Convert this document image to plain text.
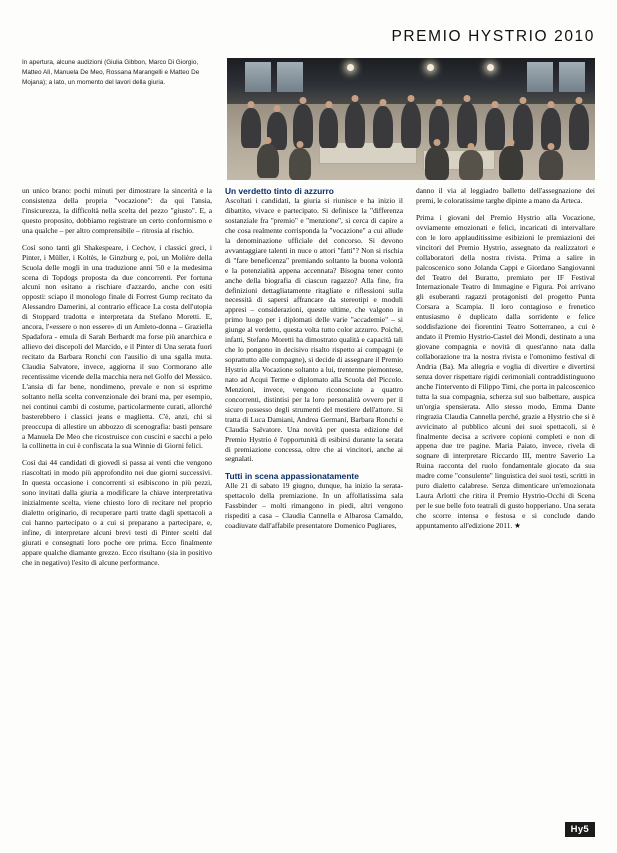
PREMIO HYSTRIO 2010
In apertura, alcune audizioni (Giulia Gibbon, Marco Di Giorgio, Matteo Alì, Manuela De Meo, Rossana Marangelli e Matteo De Mojana); a lato, un momento del lavori della giuria.

un unico brano: pochi minuti per dimostrare la sincerità e la consistenza della propria "vocazione": da qui l'ansia, l'insicurezza, la difficoltà nella scelta del pezzo "giusto". E, a questo proposito, dobbiamo registrare un certo conformismo e una qualche – per altro comprensibile – ritrosia al rischio.

Così sono tanti gli Shakespeare, i Cechov, i classici greci, i Pinter, i Müller, i Koltès, le Ginzburg e, poi, un Molière della Scuola delle mogli in una traduzione anni '50 e la medesima scena di Topdogs proposta da due concorrenti. Per fortuna alcuni non esitano a rischiare d'azzardo, anche con esiti opposti: sciapo il monologo finale di Forrest Gump recitato da Alessandro Damerini, al contrario efficace La costa dell'utopia di Stoppard tradotta e interpretata da Stefano Moretti. E, ancora, l'«essere o non essere» di un Amleto-donna – Graziella Spadafora - emula di Sarah Berhardt ma forse più anarchica e allievo dei discepoli del Marcido, e il Pinter di Una serata fuori recitato da Barbara Ronchi con l'ausilio di una sgalla muta. Claudia Salvatore, invece, aggiorna il suo Cormorano alle recentissime vicende della macchia nera nel Golfo del Messico. L'ansia di far bene, nondimeno, prevale e non si esprime soltanto nella scelta convenzionale dei brani ma, per esempio, nei continui cambi di costume, particolarmente curati, allorché basterebbero i classici jeans e maglietta. C'è, anzi, chi si preoccupa di allestire un abbozzo di scenografia: basti pensare a Manuela De Meo che ricostruisce con cuscini e sacchi a pelo la collinetta in cui è confiscata la sua Winnie di Giorni felici.

Così dai 44 candidati di giovedì si passa ai venti che vengono riascoltati in modo più approfondito nei due giorni successivi. In questa occasione i concorrenti si esibiscono in più pezzi, sono invitati dalla giuria a modificare la chiave interpretativa inizialmente scelta, viene chiesto loro di recitare nel proprio dialetto originario, di recuperare parti tratte dagli spettacoli a cui hanno partecipato o a cui si preparano a partecipare, e, infine, di interpretare alcuni brevi testi di Pinter scelti dal giurati e consegnati loro poche ore prima. Ecco finalmente appare qualche diamante grezzo. Ecco risultano (sia in positivo che in negativo) l'esito di alcune performance.

Un verdetto tinto di azzurro

Ascoltati i candidati, la giuria si riunisce e ha inizio il dibattito, vivace e partecipato. Si definisce la "differenza sostanziale fra "premio" e "menzione", si cerca di capire a che cosa realmente corrisponda la "vocazione" a cui allude la denominazione ufficiale del concorso. Si devono avvantaggiare talenti in nuce o attori "fatti"? Non si rischia di "fare beneficenza" premiando soltanto la buona volontà e la potenzialità appena accennata? Bisogna tener conto anche della biografia di ciascun ragazzo? Alla fine, fra definizioni dettagliatamente ritagliate e riflessioni sulla necessità di sapersi affrancare da stereotipi e moduli appresi – considerazioni, queste ultime, che valgono in primo luogo per i diplomati delle varie "accademie" – si giunge al verdetto, questa volta tutto color azzurro. Poiché, infatti, Stefano Moretti ha dimostrato qualità e capacità tali che lo pongono in decisivo risalto rispetto ai compagni (e soprattutto alle compagne), si decide di assegnare il Premio Hystrio alla Vocazione soltanto a lui, trentenne piemontese, nato ad Acqui Terme e diplomato alla Scuola del Piccolo. Menzioni, invece, vengono riconosciute a quattro concorrenti, distintisi per la loro personalità ovvero per il sicuro possesso degli strumenti del mestiere dell'attore. Si tratta di Luca Damiani, Andrea Germani, Barbara Ronchi e Claudia Salvatore. Una novità per questa edizione del Premio Hystrio è l'opportunità di esibirsi durante la serata di premiazione concessa, oltre che ai vincitori, anche ai segnalati.

Tutti in scena appassionatamente

Alle 21 di sabato 19 giugno, dunque, ha inizio la serata-spettacolo della premiazione. In un affollatissima sala Fassbinder – molti rimangono in piedi, altri vengono rispediti a casa – Claudia Cannella e Albarosa Camaldo, coadiuvate dall'affabile presentatore Domenico Pugliares,

danno il via al leggiadro balletto dell'assegnazione dei premi, le coloratissime targhe dipinte a mano da Arteca.

Prima i giovani del Premio Hystrio alla Vocazione, ovviamente emozionati e felici, incaricati di intervallare con le loro applauditissime esibizioni le premiazioni dei vincitori del Premio Hystrio, assegnato da realizzatori e collaboratori della nostra rivista. Prima a salire in palcoscenico sono Jolanda Cappi e Giordano Sangiovanni del Teatro del Buratto, premiato per IF Festival Internazionale Teatro di Immagine e Figura. Poi arrivano gli esuberanti ragazzi protagonisti del progetto Punta Corsara a Scampia. Il loro contagioso e frenetico entusiasmo è duplicato dalla sorridente e felice soddisfazione dei fiorentini Teatro Sotterraneo, a cui è andato il Premio Hystrio-Castel dei Mondi, destinato a una giovane compagnia e novità di quest'anno nata dalla collaborazione tra la nostra rivista e l'omonimo festival di Andria (Ba). Ma allegria e voglia di divertire e divertirsi senza dover rispettare rigidi cerimoniali contraddistinguono anche l'intervento di Filippo Timi, che porta in palcoscenico tutta la sua compagnia, scherza sul suo balbettare, auspica un'orgia spensierata. Allo stesso modo, Emma Dante ringrazia Claudia Cannella perché, grazie a Hystrio che si è avvicinato al pubblico alcuni dei suoi spettacoli, si è finalmente decisa a scrivere copioni completi e non di appena due tre pagine. Maria Paiato, invece, rivela di sognare di interpretare Riccardo III, mentre Saverio La Ruina racconta del ruolo fondamentale giocato da sua madre come "consulente" linguistica dei suoi testi, scritti in puro dialetto calabrese. Senza dimenticare un'emozionata Laura Arlotti che ritira il Premio Hystrio-Occhi di Scena per le sue belle foto teatrali di gusto hopperiano. Una serata che scorre intensa e festosa e si conclude dando appuntamento all'edizione 2011. ★

Hy5
